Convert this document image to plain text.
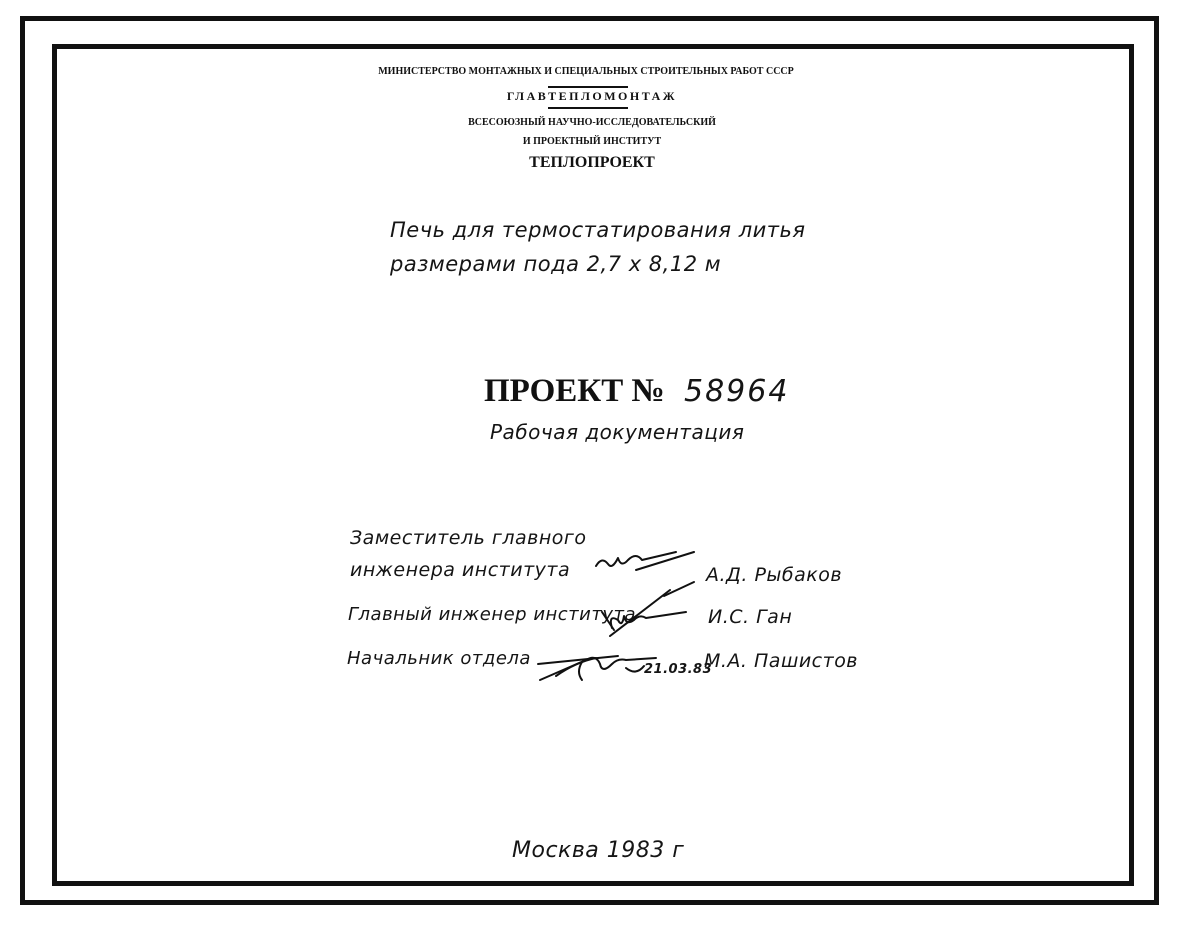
МИНИСТЕРСТВО МОНТАЖНЫХ И СПЕЦИАЛЬНЫХ СТРОИТЕЛЬНЫХ РАБОТ СССР
ГЛАВТЕПЛОМОНТАЖ
ВСЕСОЮЗНЫЙ НАУЧНО-ИССЛЕДОВАТЕЛЬСКИЙ
И ПРОЕКТНЫЙ ИНСТИТУТ
ТЕПЛОПРОЕКТ
Печь для термостатирования литья
размерами пода 2,7 х 8,12 м
ПРОЕКТ № 58964
Рабочая документация
Заместитель главного
инженера института	А.Д. Рыбаков
Главный инженер института	И.С. Ган
Начальник отдела
21.03.83
М.А. Пашистов
Москва 1983 г
